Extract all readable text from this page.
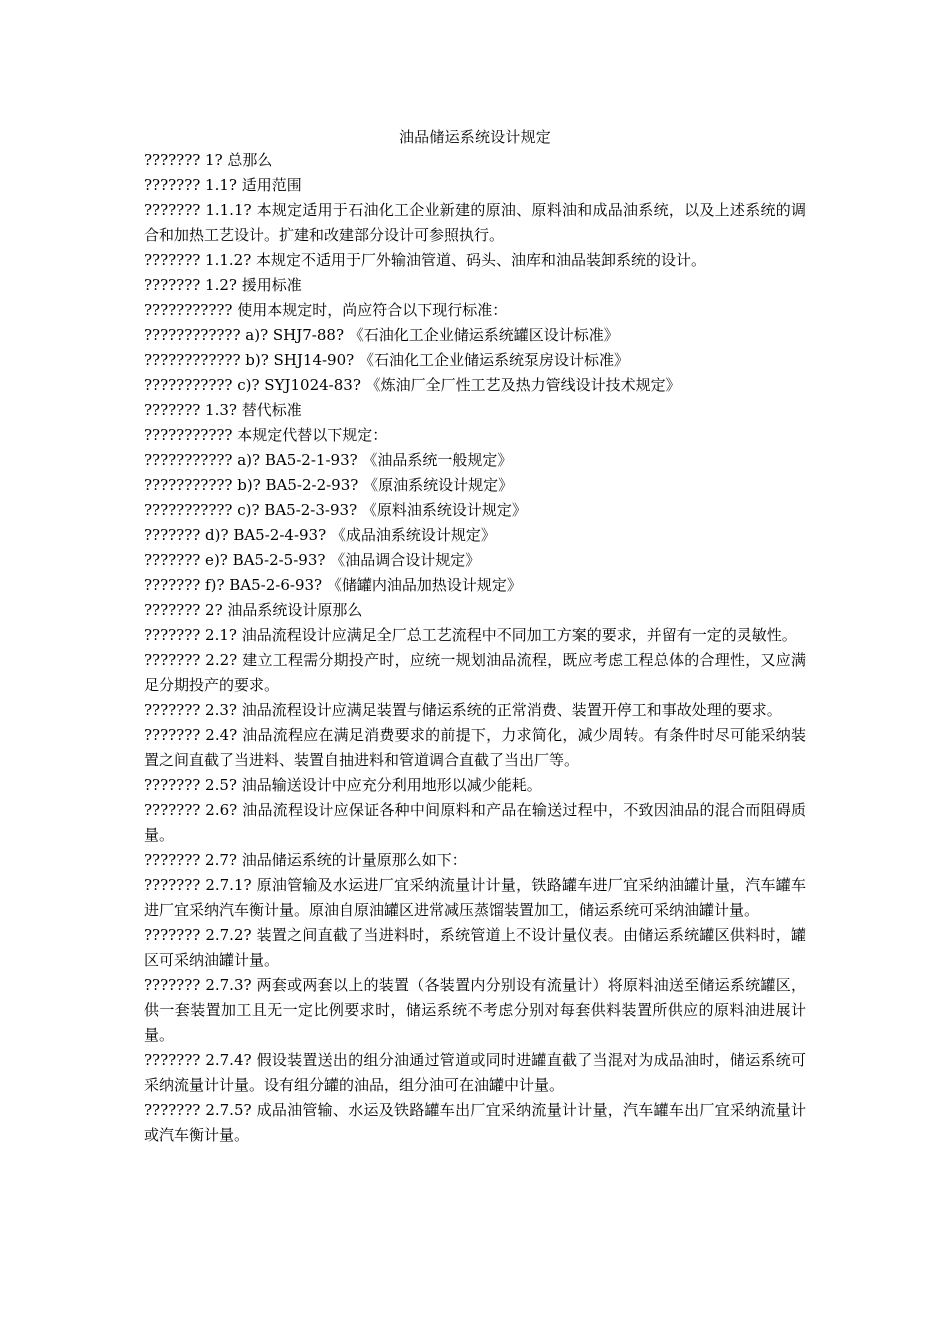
油品储运系统设计规定

??????? 1? 总那么

??????? 1.1? 适用范围

??????? 1.1.1? 本规定适用于石油化工企业新建的原油、原料油和成品油系统，以及上述系统的调合和加热工艺设计。扩建和改建部分设计可参照执行。

??????? 1.1.2? 本规定不适用于厂外输油管道、码头、油库和油品装卸系统的设计。

??????? 1.2? 援用标准

??????????? 使用本规定时，尚应符合以下现行标准：

???????????? a)? SHJ7-88? 《石油化工企业储运系统罐区设计标准》

???????????? b)? SHJ14-90? 《石油化工企业储运系统泵房设计标准》

??????????? c)? SYJ1024-83? 《炼油厂全厂性工艺及热力管线设计技术规定》

??????? 1.3? 替代标准

??????????? 本规定代替以下规定：

??????????? a)? BA5-2-1-93? 《油品系统一般规定》

??????????? b)? BA5-2-2-93? 《原油系统设计规定》

??????????? c)? BA5-2-3-93? 《原料油系统设计规定》

??????? d)? BA5-2-4-93? 《成品油系统设计规定》

??????? e)? BA5-2-5-93? 《油品调合设计规定》

??????? f)? BA5-2-6-93? 《储罐内油品加热设计规定》

??????? 2? 油品系统设计原那么

??????? 2.1? 油品流程设计应满足全厂总工艺流程中不同加工方案的要求，并留有一定的灵敏性。

??????? 2.2? 建立工程需分期投产时，应统一规划油品流程，既应考虑工程总体的合理性，又应满足分期投产的要求。

??????? 2.3? 油品流程设计应满足装置与储运系统的正常消费、装置开停工和事故处理的要求。

??????? 2.4? 油品流程应在满足消费要求的前提下，力求简化，减少周转。有条件时尽可能采纳装置之间直截了当进料、装置自抽进料和管道调合直截了当出厂等。

??????? 2.5? 油品输送设计中应充分利用地形以减少能耗。

??????? 2.6? 油品流程设计应保证各种中间原料和产品在输送过程中，不致因油品的混合而阻碍质量。

??????? 2.7? 油品储运系统的计量原那么如下：

??????? 2.7.1? 原油管输及水运进厂宜采纳流量计计量，铁路罐车进厂宜采纳油罐计量，汽车罐车进厂宜采纳汽车衡计量。原油自原油罐区进常减压蒸馏装置加工，储运系统可采纳油罐计量。

??????? 2.7.2? 装置之间直截了当进料时，系统管道上不设计量仪表。由储运系统罐区供料时，罐区可采纳油罐计量。

??????? 2.7.3? 两套或两套以上的装置（各装置内分别设有流量计）将原料油送至储运系统罐区，供一套装置加工且无一定比例要求时，储运系统不考虑分别对每套供料装置所供应的原料油进展计量。

??????? 2.7.4? 假设装置送出的组分油通过管道或同时进罐直截了当混对为成品油时，储运系统可采纳流量计计量。设有组分罐的油品，组分油可在油罐中计量。

??????? 2.7.5? 成品油管输、水运及铁路罐车出厂宜采纳流量计计量，汽车罐车出厂宜采纳流量计或汽车衡计量。
